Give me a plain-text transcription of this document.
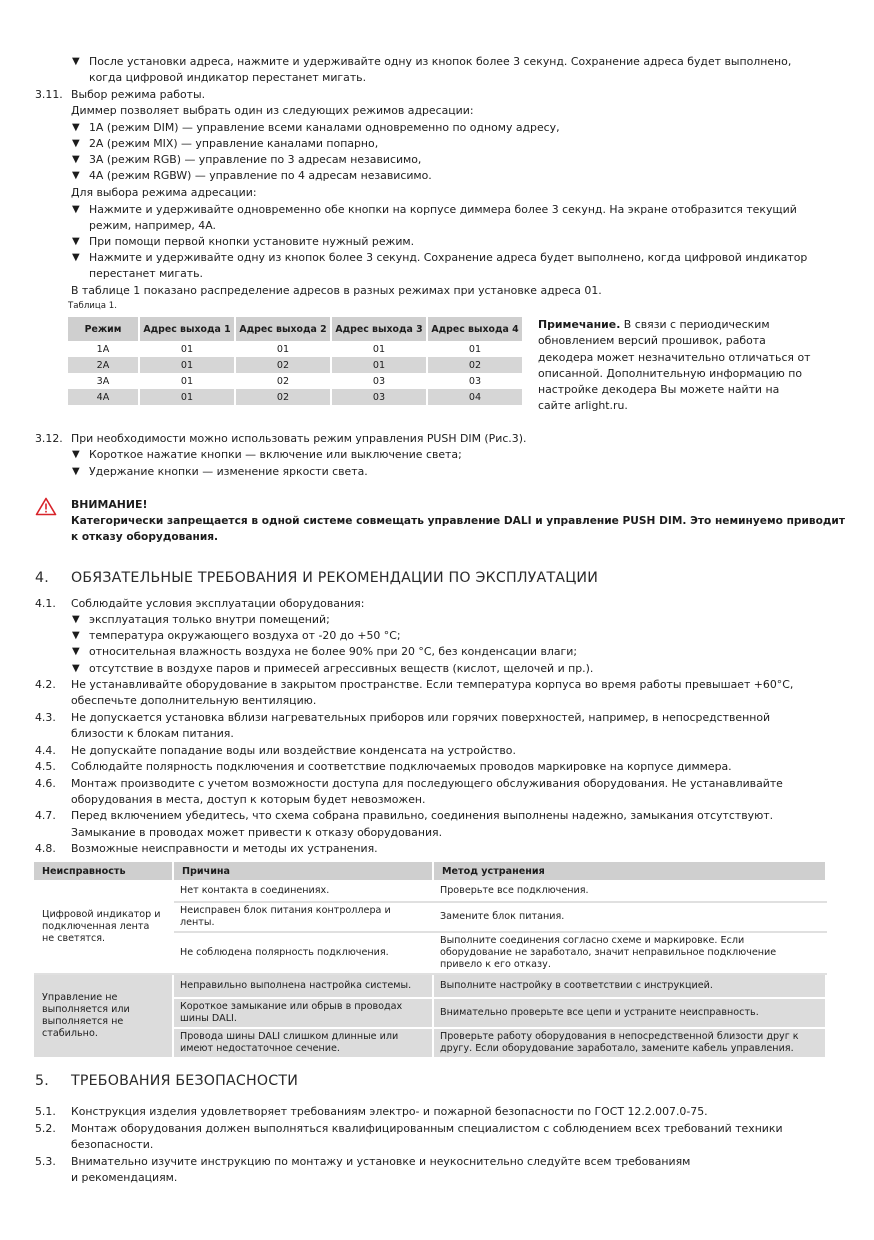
▼ После установки адреса, нажмите и удерживайте одну из кнопок более 3 секунд. Сохранение адреса будет выполнено,
когда цифровой индикатор перестанет мигать.
3.11. Выбор режима работы.
Диммер позволяет выбрать один из следующих режимов адресации:
▼ 1A (режим DIM) — управление всеми каналами одновременно по одному адресу,
▼ 2A (режим MIX) — управление каналами попарно,
▼ 3A (режим RGB) — управление по 3 адресам независимо,
▼ 4A (режим RGBW) — управление по 4 адресам независимо.
Для выбора режима адресации:
▼ Нажмите и удерживайте одновременно обе кнопки на корпусе диммера более 3 секунд. На экране отобразится текущий
режим, например, 4A.
▼ При помощи первой кнопки установите нужный режим.
▼ Нажмите и удерживайте одну из кнопок более 3 секунд. Сохранение адреса будет выполнено, когда цифровой индикатор
перестанет мигать.
В таблице 1 показано распределение адресов в разных режимах при установке адреса 01.
Таблица 1.
Режим	Адрес выхода 1	Адрес выхода 2	Адрес выхода 3	Адрес выхода 4
1A	01	01	01	01
2A	01	02	01	02
3A	01	02	03	03
4A	01	02	03	04
Примечание. В связи с периодическим обновлением версий прошивок, работа декодера может незначительно отличаться от описанной. Дополнительную информацию по настройке декодера Вы можете найти на сайте arlight.ru.
3.12. При необходимости можно использовать режим управления PUSH DIM (Рис.3).
▼ Короткое нажатие кнопки — включение или выключение света;
▼ Удержание кнопки — изменение яркости света.
ВНИМАНИЕ!
Категорически запрещается в одной системе совмещать управление DALI и управление PUSH DIM. Это неминуемо приводит
к отказу оборудования.
4. ОБЯЗАТЕЛЬНЫЕ ТРЕБОВАНИЯ И РЕКОМЕНДАЦИИ ПО ЭКСПЛУАТАЦИИ
4.1. Соблюдайте условия эксплуатации оборудования:
▼ эксплуатация только внутри помещений;
▼ температура окружающего воздуха от -20 до +50 °С;
▼ относительная влажность воздуха не более 90% при 20 °C, без конденсации влаги;
▼ отсутствие в воздухе паров и примесей агрессивных веществ (кислот, щелочей и пр.).
4.2. Не устанавливайте оборудование в закрытом пространстве. Если температура корпуса во время работы превышает +60°С,
обеспечьте дополнительную вентиляцию.
4.3. Не допускается установка вблизи нагревательных приборов или горячих поверхностей, например, в непосредственной
близости к блокам питания.
4.4. Не допускайте попадание воды или воздействие конденсата на устройство.
4.5. Соблюдайте полярность подключения и соответствие подключаемых проводов маркировке на корпусе диммера.
4.6. Монтаж производите с учетом возможности доступа для последующего обслуживания оборудования. Не устанавливайте
оборудования в места, доступ к которым будет невозможен.
4.7. Перед включением убедитесь, что схема собрана правильно, соединения выполнены надежно, замыкания отсутствуют.
Замыкание в проводах может привести к отказу оборудования.
4.8. Возможные неисправности и методы их устранения.
Неисправность	Причина	Метод устранения
Цифровой индикатор и подключенная лента не светятся.	Нет контакта в соединениях.	Проверьте все подключения.
	Неисправен блок питания контроллера и ленты.	Замените блок питания.
	Не соблюдена полярность подключения.	Выполните соединения согласно схеме и маркировке. Если оборудование не заработало, значит неправильное подключение привело к его отказу.
Управление не выполняется или выполняется не стабильно.	Неправильно выполнена настройка системы.	Выполните настройку в соответствии с инструкцией.
	Короткое замыкание или обрыв в проводах шины DALI.	Внимательно проверьте все цепи и устраните неисправность.
	Провода шины DALI слишком длинные или имеют недостаточное сечение.	Проверьте работу оборудования в непосредственной близости друг к другу. Если оборудование заработало, замените кабель управления.
5. ТРЕБОВАНИЯ БЕЗОПАСНОСТИ
5.1. Конструкция изделия удовлетворяет требованиям электро- и пожарной безопасности по ГОСТ 12.2.007.0-75.
5.2. Монтаж оборудования должен выполняться квалифицированным специалистом с соблюдением всех требований техники
безопасности.
5.3. Внимательно изучите инструкцию по монтажу и установке и неукоснительно следуйте всем требованиям
и рекомендациям.
